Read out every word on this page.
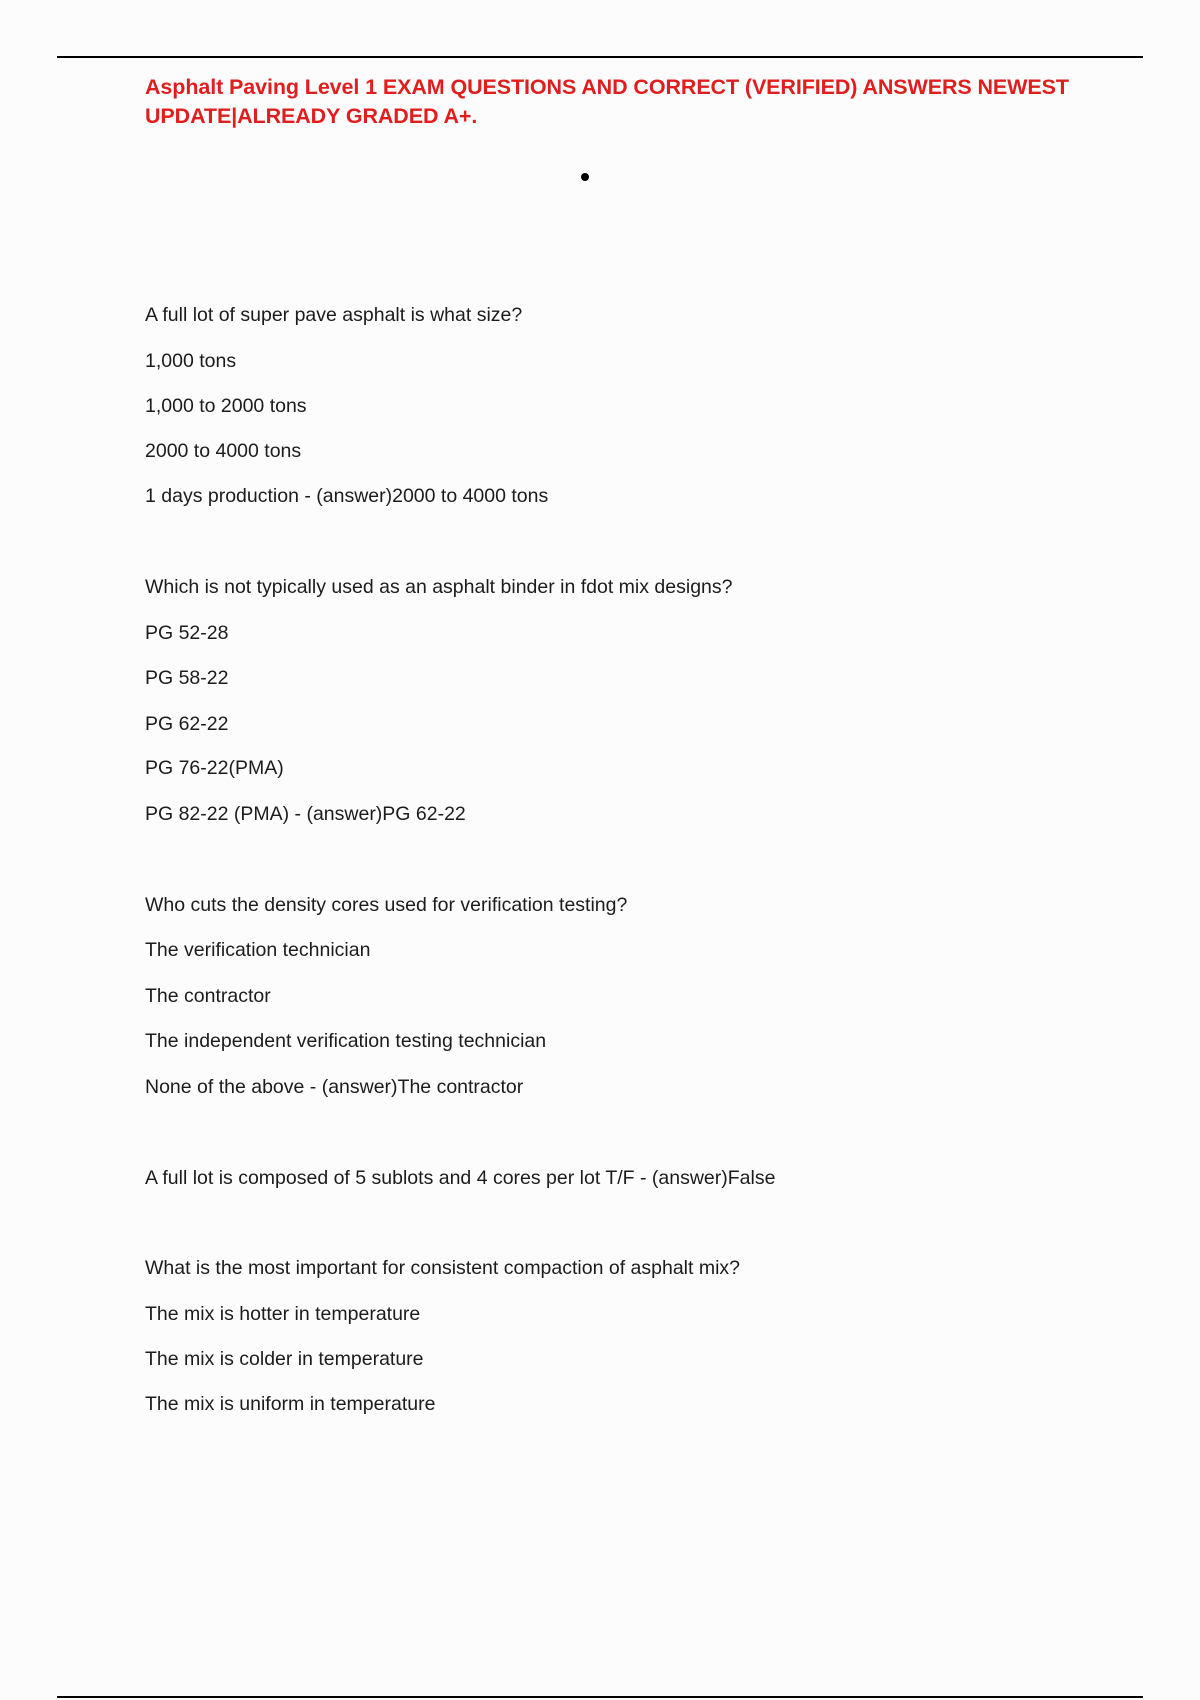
Asphalt Paving Level 1 EXAM QUESTIONS AND CORRECT (VERIFIED) ANSWERS NEWEST UPDATE|ALREADY GRADED A+.
A full lot of super pave asphalt is what size?
1,000 tons
1,000 to 2000 tons
2000 to 4000 tons
1 days production - (answer)2000 to 4000 tons
Which is not typically used as an asphalt binder in fdot mix designs?
PG 52-28
PG 58-22
PG 62-22
PG 76-22(PMA)
PG 82-22 (PMA) - (answer)PG 62-22
Who cuts the density cores used for verification testing?
The verification technician
The contractor
The independent verification testing technician
None of the above - (answer)The contractor
A full lot is composed of 5 sublots and 4 cores per lot T/F - (answer)False
What is the most important for consistent compaction of asphalt mix?
The mix is hotter in temperature
The mix is colder in temperature
The mix is uniform in temperature
